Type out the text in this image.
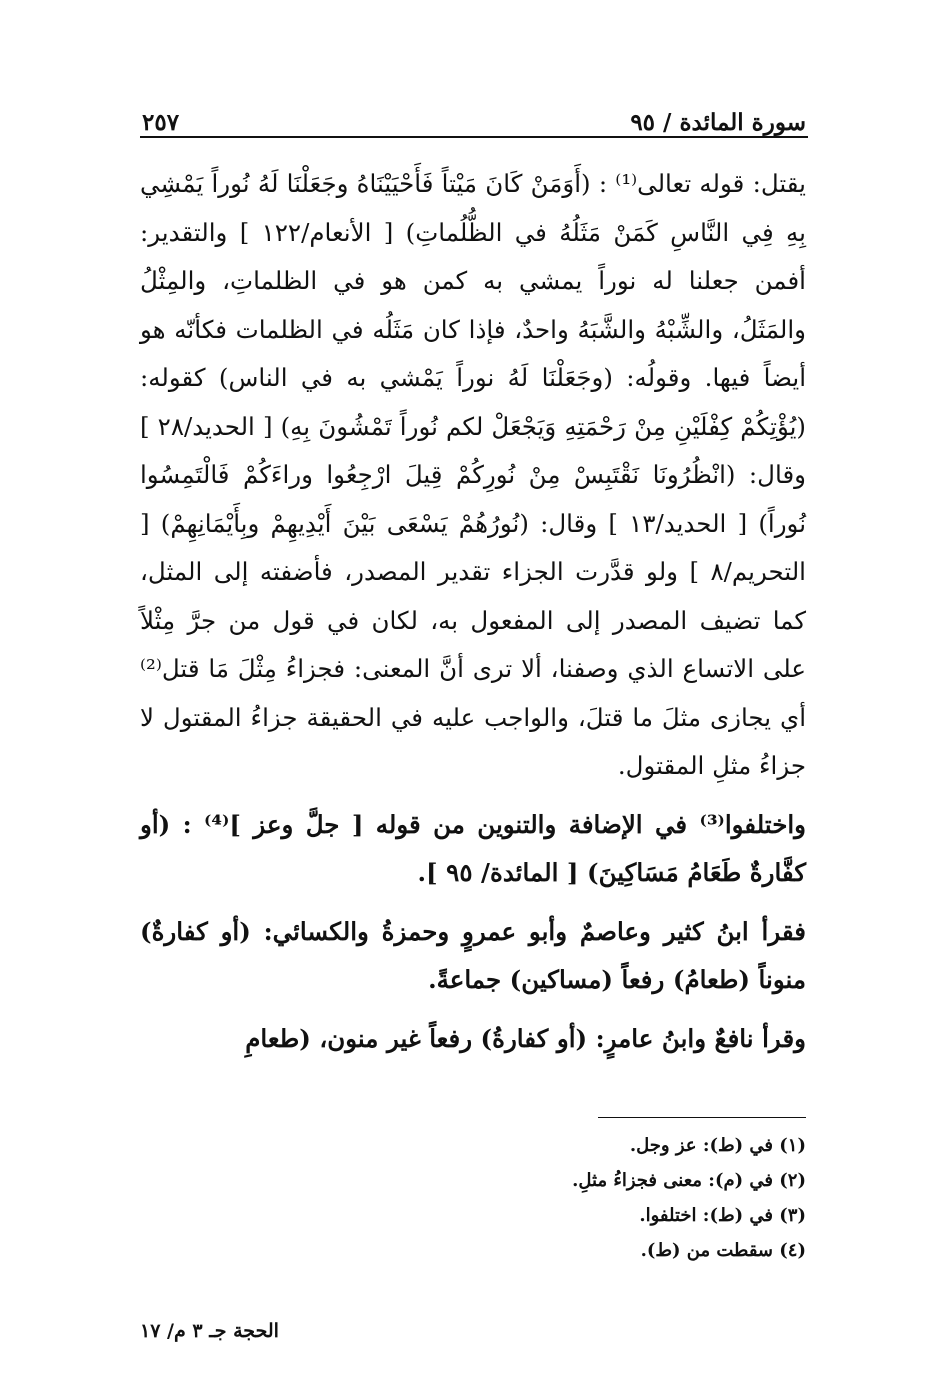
سورة المائدة / ٩٥
٢٥٧

يقتل: قوله تعالى⁽¹⁾ : (أَوَمَنْ كَانَ مَيْتاً فَأَحْيَيْنَاهُ وجَعَلْنَا لَهُ نُوراً يَمْشِي بِهِ فِي النَّاسِ كَمَنْ مَثَلُهُ في الظُّلُماتِ) [ الأنعام/١٢٢ ] والتقدير: أفمن جعلنا له نوراً يمشي به كمن هو في الظلماتِ، والمِثْلُ والمَثَلُ، والشِّبْهُ والشَّبَهُ واحدٌ، فإذا كان مَثَلُه في الظلمات فكأنّه هو أيضاً فيها. وقولُه: (وجَعَلْنَا لَهُ نوراً يَمْشي به في الناس) كقوله: (يُؤْتِكُمْ كِفْلَيْنِ مِنْ رَحْمَتِهِ وَيَجْعَلْ لكم نُوراً تَمْشُونَ بِهِ) [ الحديد/٢٨ ] وقال: (انْظُرُونَا نَقْتَبِسْ مِنْ نُورِكُمْ قِيلَ ارْجِعُوا وراءَكُمْ فَالْتَمِسُوا نُوراً) [ الحديد/١٣ ] وقال: (نُورُهُمْ يَسْعَى بَيْنَ أَيْدِيهِمْ وبِأَيْمَانِهِمْ) [ التحريم/٨ ] ولو قدَّرت الجزاء تقدير المصدر، فأضفته إلى المثل، كما تضيف المصدر إلى المفعول به، لكان في قول من جرَّ مِثْلاً على الاتساع الذي وصفنا، ألا ترى أنَّ المعنى: فجزاءُ مِثْلَ مَا قتل⁽²⁾ أي يجازى مثلَ ما قتلَ، والواجب عليه في الحقيقة جزاءُ المقتول لا جزاءُ مثلِ المقتول.

واختلفوا⁽³⁾ في الإضافة والتنوين من قوله [ جلَّ وعز ]⁽⁴⁾ : (أو كفَّارةٌ طَعَامُ مَسَاكِينَ) [ المائدة/ ٩٥ ].

فقرأ ابنُ كثير وعاصمٌ وأبو عمروٍ وحمزةُ والكسائي: (أو كفارةٌ) منوناً (طعامُ) رفعاً (مساكين) جماعةً.

وقرأ نافعٌ وابنُ عامرٍ: (أو كفارةُ) رفعاً غير منون، (طعامِ

(١) في (ط): عز وجل.
(٢) في (م): معنى فجزاءُ مثلِ.
(٣) في (ط): اختلفوا.
(٤) سقطت من (ط).
الحجة جـ ٣ م/ ١٧
